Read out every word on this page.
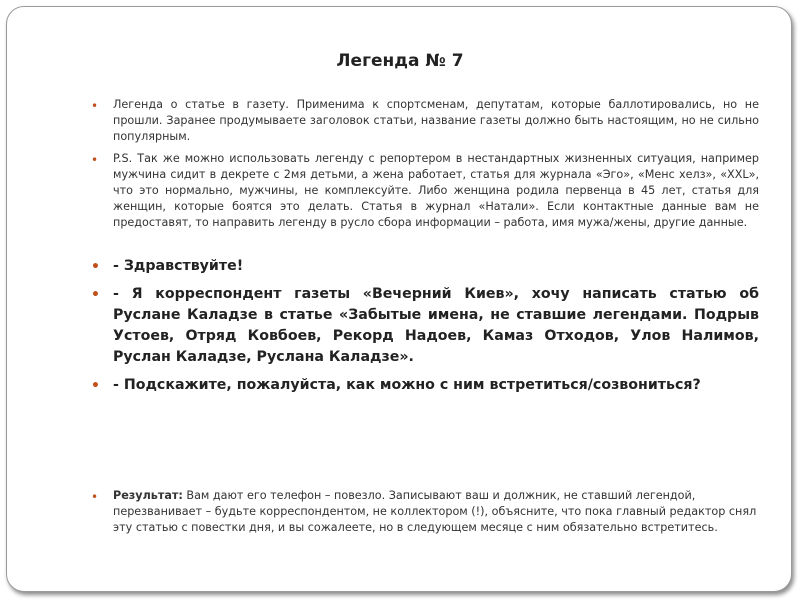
Легенда № 7
• Легенда о статье в газету. Применима к спортсменам, депутатам, которые баллотировались, но не прошли. Заранее продумываете заголовок статьи, название газеты должно быть настоящим, но не сильно популярным.
• P.S. Так же можно использовать легенду с репортером в нестандартных жизненных ситуация, например мужчина сидит в декрете с 2мя детьми, а жена работает, статья для журнала «Эго», «Менс хелз», «XXL», что это нормально, мужчины, не комплексуйте. Либо женщина родила первенца в 45 лет, статья для женщин, которые боятся это делать. Статья в журнал «Натали». Если контактные данные вам не предоставят, то направить легенду в русло сбора информации – работа, имя мужа/жены, другие данные.
• - Здравствуйте!
• - Я корреспондент газеты «Вечерний Киев», хочу написать статью об Руслане Каладзе в статье «Забытые имена, не ставшие легендами. Подрыв Устоев, Отряд Ковбоев, Рекорд Надоев, Камаз Отходов, Улов Налимов, Руслан Каладзе, Руслана Каладзе».
• - Подскажите, пожалуйста, как можно с ним встретиться/созвониться?
• Результат: Вам дают его телефон – повезло. Записывают ваш и должник, не ставший легендой, перезванивает – будьте корреспондентом, не коллектором (!), объясните, что пока главный редактор снял эту статью с повестки дня, и вы сожалеете, но в следующем месяце с ним обязательно встретитесь.
